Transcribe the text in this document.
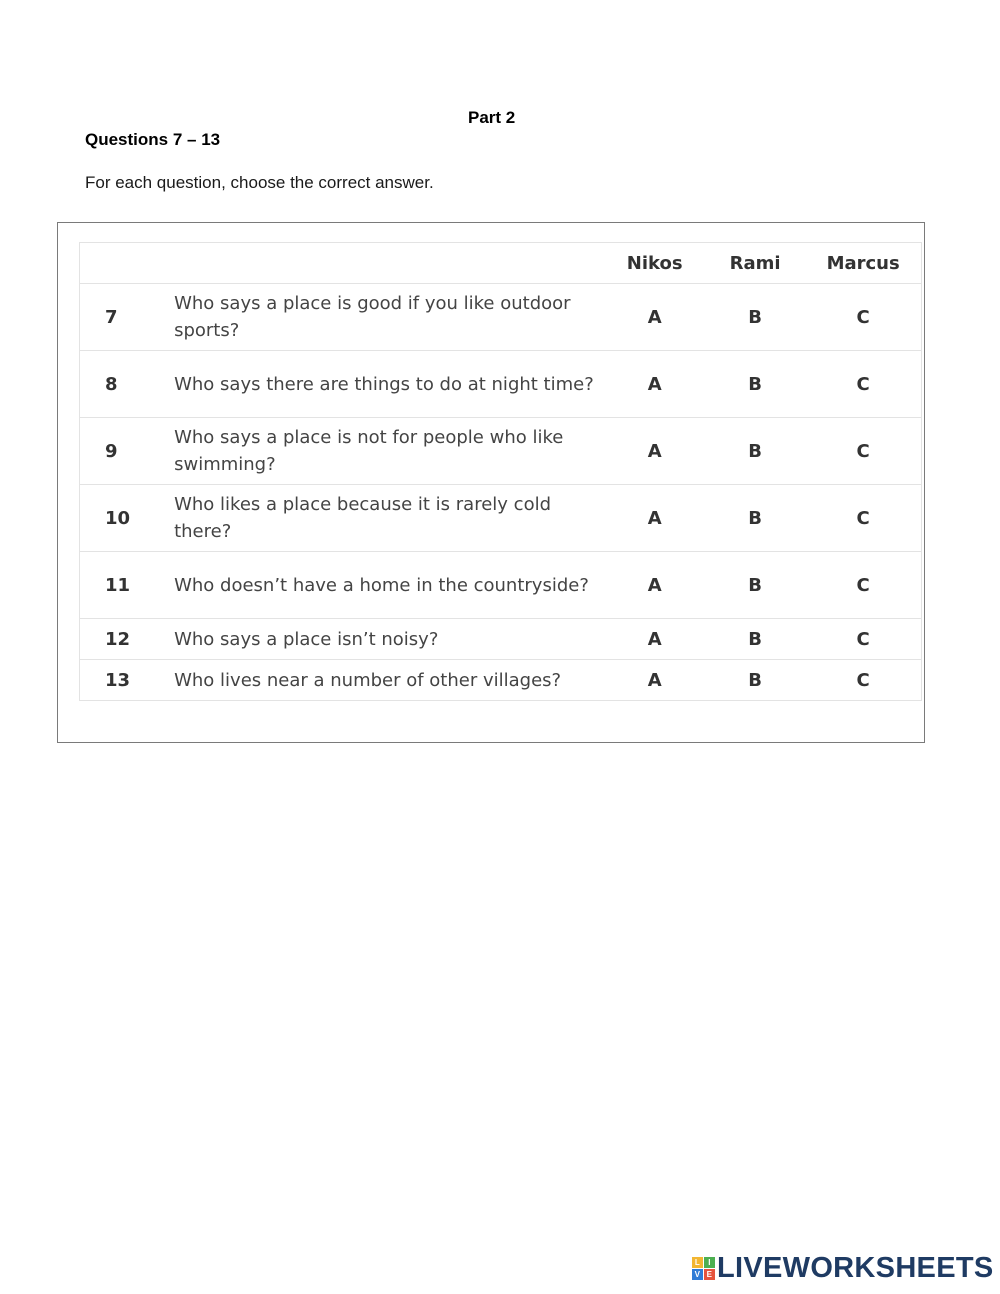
Part 2
Questions 7 – 13
For each question, choose the correct answer.
		Nikos	Rami	Marcus
7	Who says a place is good if you like outdoor sports?	A	B	C
8	Who says there are things to do at night time?	A	B	C
9	Who says a place is not for people who like swimming?	A	B	C
10	Who likes a place because it is rarely cold there?	A	B	C
11	Who doesn’t have a home in the countryside?	A	B	C
12	Who says a place isn’t noisy?	A	B	C
13	Who lives near a number of other villages?	A	B	C
L	I
V E LIVEWORKSHEETS
